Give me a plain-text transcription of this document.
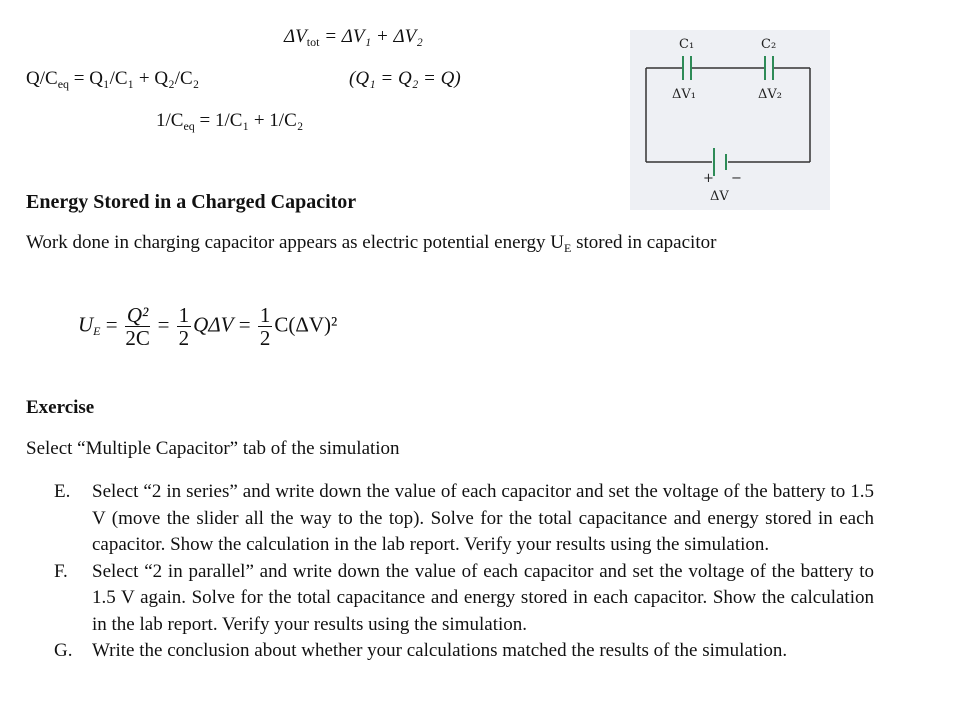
$\Delta V_{tot} = \Delta V_1 + \Delta V_2$
$Q/C_{eq} = Q_1/C_1 + Q_2/C_2$	(Q₁ = Q₂ = Q)
$1/C_{eq} = 1/C_1 + 1/C_2$
C₁	C₂
ΔV₁	ΔV₂
+ −
ΔV
Energy Stored in a Charged Capacitor
Work done in charging capacitor appears as electric potential energy $U_E$ stored in capacitor
UE = $\frac{\text{Q²}}{2C} = \frac{1}{2}$ $Q\Delta V = \frac{1}{2} C(\Delta V)^2$
Exercise
Select “Multiple Capacitor” tab of the simulation
E. Select “2 in series” and write down the value of each capacitor and set the voltage of the battery to 1.5 V (move the slider all the way to the top). Solve for the total capacitance and energy stored in each capacitor. Show the calculation in the lab report. Verify your results using the simulation.
F. Select “2 in parallel” and write down the value of each capacitor and set the voltage of the battery to 1.5 V again. Solve for the total capacitance and energy stored in each capacitor. Show the calculation in the lab report. Verify your results using the simulation.
G. Write the conclusion about whether your calculations matched the results of the simulation.
